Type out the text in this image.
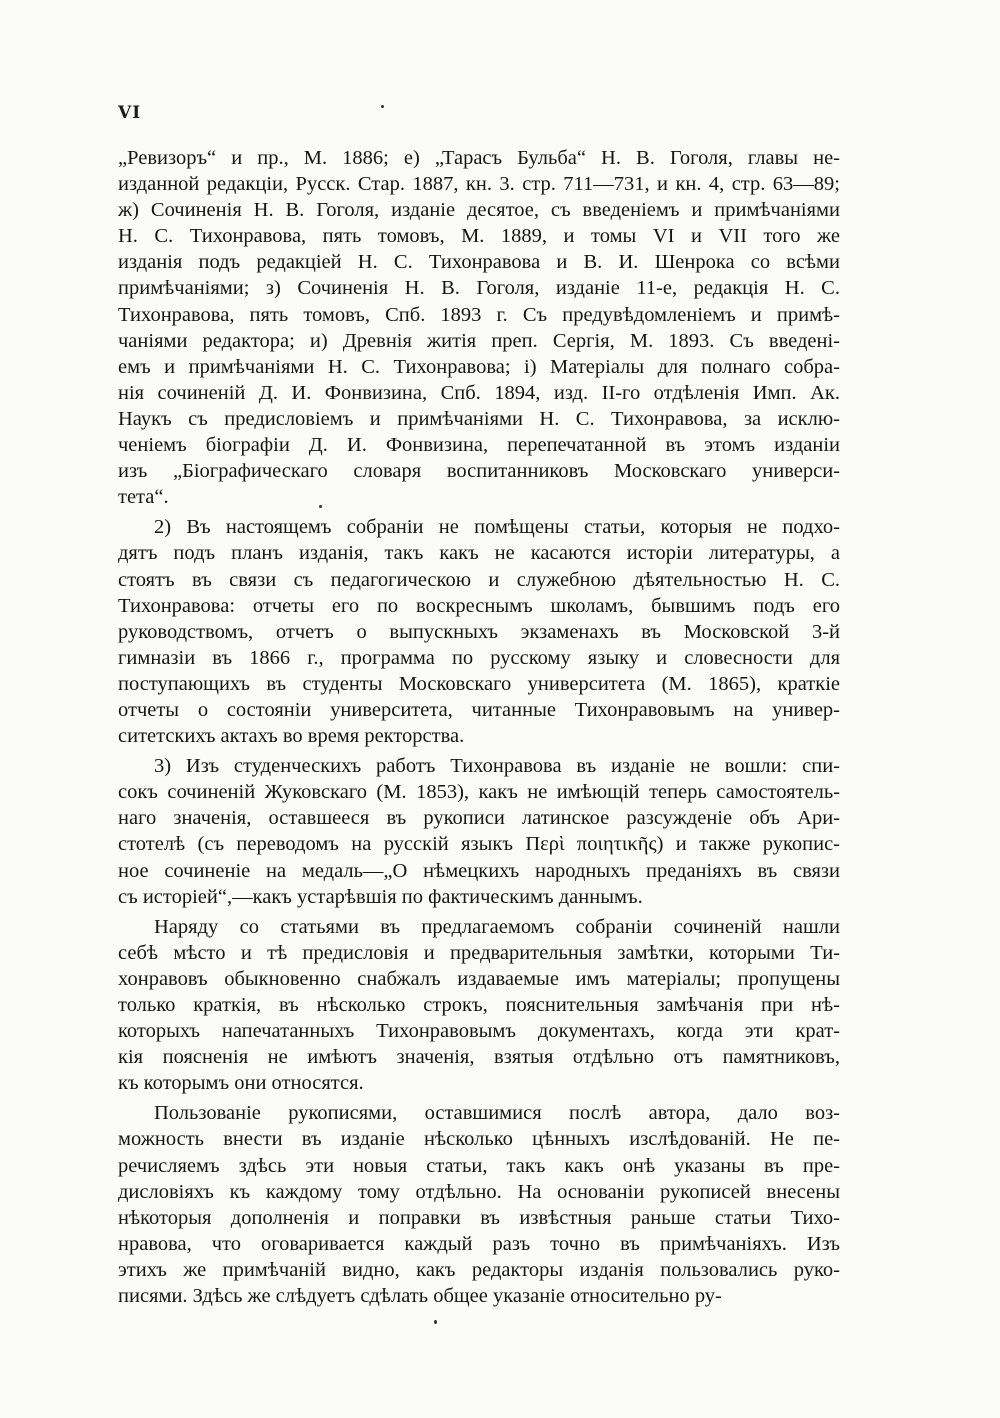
VI
„Ревизоръ“ и пр., М. 1886; е) „Тарасъ Бульба“ Н. В. Гоголя, главы не-
изданной редакціи, Русск. Стар. 1887, кн. 3. стр. 711—731, и кн. 4, стр. 63—89;
ж) Сочиненія Н. В. Гоголя, изданіе десятое, съ введеніемъ и примѣчаніями
Н. С. Тихонравова, пять томовъ, М. 1889, и томы VI и VII того же
изданія подъ редакціей Н. С. Тихонравова и В. И. Шенрока со всѣми
примѣчаніями; з) Сочиненія Н. В. Гоголя, изданіе 11-е, редакція Н. С.
Тихонравова, пять томовъ, Спб. 1893 г. Съ предувѣдомленіемъ и примѣ-
чаніями редактора; и) Древнія житія преп. Сергія, М. 1893. Съ введені-
емъ и примѣчаніями Н. С. Тихонравова; і) Матеріалы для полнаго собра-
нія сочиненій Д. И. Фонвизина, Спб. 1894, изд. II-го отдѣленія Имп. Ак.
Наукъ съ предисловіемъ и примѣчаніями Н. С. Тихонравова, за исклю-
ченіемъ біографіи Д. И. Фонвизина, перепечатанной въ этомъ изданіи
изъ „Біографическаго словаря воспитанниковъ Московскаго универси-
тета“.
2) Въ настоящемъ собраніи не помѣщены статьи, которыя не подхо-
дятъ подъ планъ изданія, такъ какъ не касаются исторіи литературы, а
стоятъ въ связи съ педагогическою и служебною дѣятельностью Н. С.
Тихонравова: отчеты его по воскреснымъ школамъ, бывшимъ подъ его
руководствомъ, отчетъ о выпускныхъ экзаменахъ въ Московской 3-й
гимназіи въ 1866 г., программа по русскому языку и словесности для
поступающихъ въ студенты Московскаго университета (М. 1865), краткіе
отчеты о состояніи университета, читанные Тихонравовымъ на универ-
ситетскихъ актахъ во время ректорства.
3) Изъ студенческихъ работъ Тихонравова въ изданіе не вошли: спи-
сокъ сочиненій Жуковскаго (М. 1853), какъ не имѣющій теперь самостоятель-
наго значенія, оставшееся въ рукописи латинское разсужденіе объ Ари-
стотелѣ (съ переводомъ на русскій языкъ Περὶ ποιητικῆς) и также рукопис-
ное сочиненіе на медаль—„О нѣмецкихъ народныхъ преданіяхъ въ связи
съ исторіей“,—какъ устарѣвшія по фактическимъ даннымъ.
Наряду со статьями въ предлагаемомъ собраніи сочиненій нашли
себѣ мѣсто и тѣ предисловія и предварительныя замѣтки, которыми Ти-
хонравовъ обыкновенно снабжалъ издаваемые имъ матеріалы; пропущены
только краткія, въ нѣсколько строкъ, пояснительныя замѣчанія при нѣ-
которыхъ напечатанныхъ Тихонравовымъ документахъ, когда эти крат-
кія поясненія не имѣютъ значенія, взятыя отдѣльно отъ памятниковъ,
къ которымъ они относятся.
Пользованіе рукописями, оставшимися послѣ автора, дало воз-
можность внести въ изданіе нѣсколько цѣнныхъ изслѣдованій. Не пе-
речисляемъ здѣсь эти новыя статьи, такъ какъ онѣ указаны въ пре-
дисловіяхъ къ каждому тому отдѣльно. На основаніи рукописей внесены
нѣкоторыя дополненія и поправки въ извѣстныя раньше статьи Тихо-
нравова, что оговаривается каждый разъ точно въ примѣчаніяхъ. Изъ
этихъ же примѣчаній видно, какъ редакторы изданія пользовались руко-
писями. Здѣсь же слѣдуетъ сдѣлать общее указаніе относительно ру-
